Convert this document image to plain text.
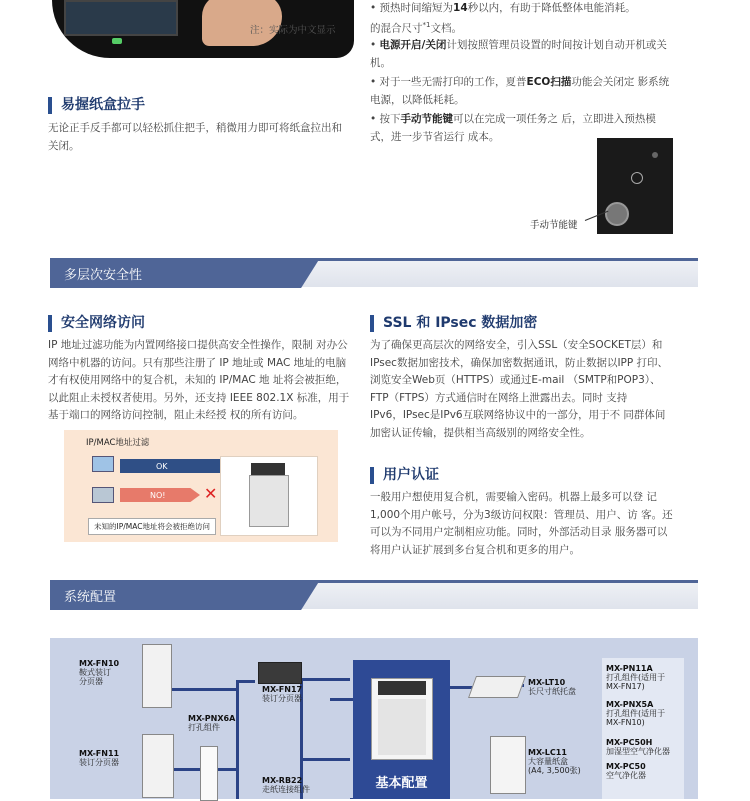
注：实际为中文显示
• 预热时间缩短为14秒以内，有助于降低整体电能消耗。
的混合尺寸$^{*1}$文档。
• 电源开启/关闭计划按照管理员设置的时间按计划自动开机或关
机。
• 对于一些无需打印的工作，夏普ECO扫描功能会关闭定 影系统
电源，以降低耗耗。
• 按下手动节能键可以在完成一项任务之 后，立即进入预热模
式，进一步节省运行 成本。
易握纸盒拉手
无论正手反手都可以轻松抓住把手，稍微用力即可将纸盒拉出和
关闭。
手动节能键
多层次安全性
安全网络访问
IP 地址过滤功能为内置网络接口提供高安全性操作，限制 对办公
网络中机器的访问。只有那些注册了 IP 地址或 MAC 地址的电脑
才有权使用网络中的复合机，未知的 IP/MAC 地 址将会被拒绝，
以此阻止未授权者使用。另外，还支持 IEEE 802.1X 标准，用于
基于端口的网络访问控制，阻止未经授 权的所有访问。
IP/MAC地址过滤
OK
NO! ✕
未知的IP/MAC地址将会被拒绝访问
SSL 和 IPsec 数据加密
为了确保更高层次的网络安全，引入SSL（安全SOCKET层）和
IPsec数据加密技术，确保加密数据通讯，防止数据以IPP 打印、
浏览安全Web页（HTTPS）或通过E-mail （SMTP和POP3）、
FTP（FTPS）方式通信时在网络上泄露出去。同时 支持
IPv6，IPsec是IPv6互联网络协议中的一部分，用于不 同群体间
加密认证传输，提供相当高级别的网络安全性。
用户认证
一般用户想使用复合机，需要输入密码。机器上最多可以登 记
1,000个用户帐号，分为3级访问权限：管理员、用户、访 客。还
可以为不同用户定制相应功能。同时，外部活动目录 服务器可以
将用户认证扩展到多台复合机和更多的用户。
系统配置
基本配置
MX-FN10
鞍式装订
分页器
MX-FN11
装订分页器
MX-PNX6A
打孔组件
MX-FN17
装订分页器
MX-RB22
走纸连接组件
MX-LT10
长尺寸纸托盘
MX-LC11
大容量纸盒
(A4, 3,500张)
MX-PN11A
打孔组件(适用于
MX-FN17)
MX-PNX5A
打孔组件(适用于
MX-FN10)
MX-PC50H
加湿型空气净化器
MX-PC50
空气净化器
